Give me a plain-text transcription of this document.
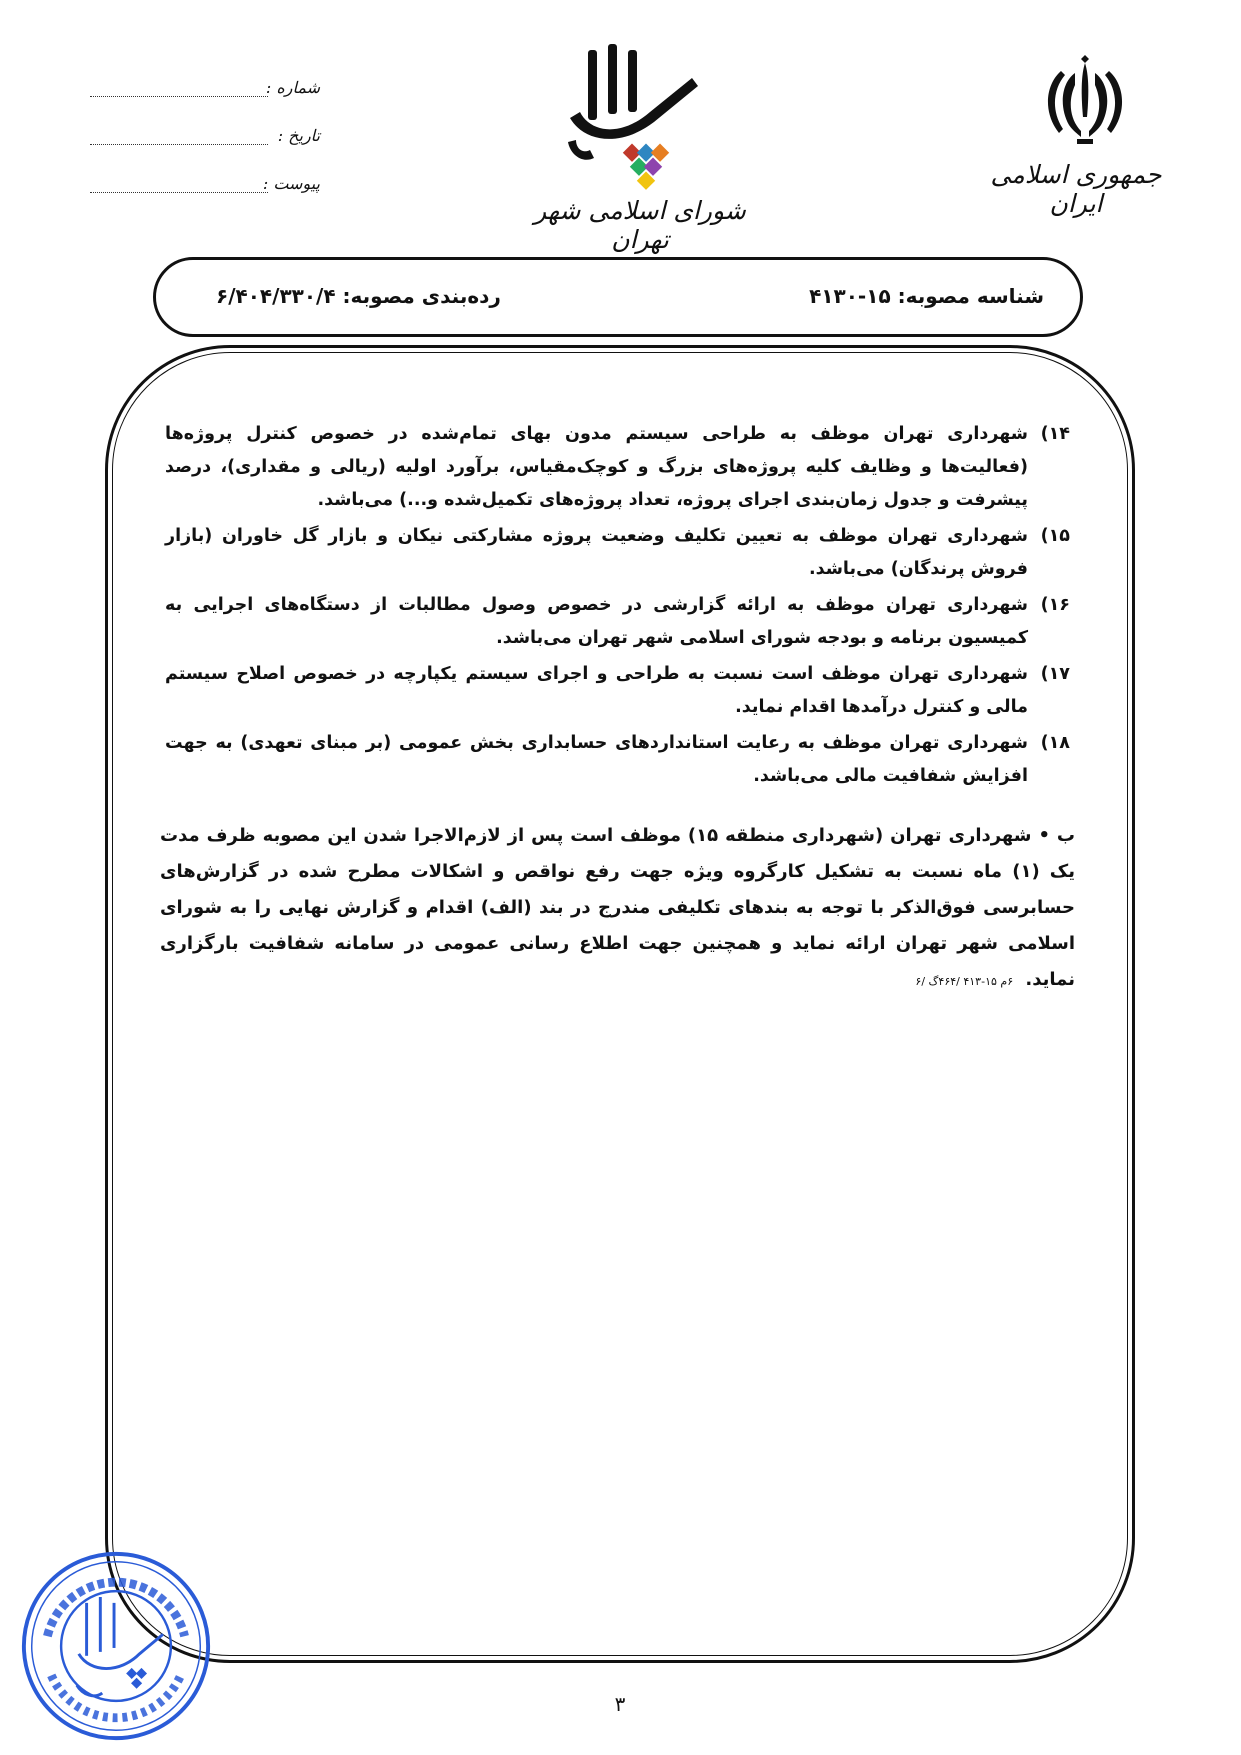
جمهوری اسلامی ایران
شورای اسلامی شهر تهران
شماره :
تاریخ :
پیوست :
شناسه مصوبه: ۱۵-۴۱۳۰
رده‌بندی مصوبه: ۶/۴۰۴/۳۳۰/۴
۱۴)
شهرداری تهران موظف به طراحی سیستم مدون بهای تمام‌شده در خصوص کنترل پروژه‌ها (فعالیت‌ها و وظایف کلیه پروژه‌های بزرگ و کوچک‌مقیاس، برآورد اولیه (ریالی و مقداری)، درصد پیشرفت و جدول زمان‌بندی اجرای پروژه، تعداد پروژه‌های تکمیل‌شده و...) می‌باشد.
۱۵)
شهرداری تهران موظف به تعیین تکلیف وضعیت پروژه مشارکتی نیکان و بازار گل خاوران (بازار فروش پرندگان) می‌باشد.
۱۶)
شهرداری تهران موظف به ارائه گزارشی در خصوص وصول مطالبات از دستگاه‌های اجرایی به کمیسیون برنامه و بودجه شورای اسلامی شهر تهران می‌باشد.
۱۷)
شهرداری تهران موظف است نسبت به طراحی و اجرای سیستم یکپارچه در خصوص اصلاح سیستم مالی و کنترل درآمدها اقدام نماید.
۱۸)
شهرداری تهران موظف به رعایت استانداردهای حسابداری بخش عمومی (بر مبنای تعهدی) به جهت افزایش شفافیت مالی می‌باشد.
ب • شهرداری تهران (شهرداری منطقه ۱۵) موظف است پس از لازم‌الاجرا شدن این مصوبه ظرف مدت یک (۱) ماه نسبت به تشکیل کارگروه ویژه جهت رفع نواقص و اشکالات مطرح شده در گزارش‌های حسابرسی فوق‌الذکر با توجه به بندهای تکلیفی مندرج در بند (الف) اقدام و گزارش نهایی را به شورای اسلامی شهر تهران ارائه نماید و همچنین جهت اطلاع رسانی عمومی در سامانه شفافیت بارگزاری نماید. ۶م ۱۵-۴۱۳ /۴۶۴گ /۶
۳
